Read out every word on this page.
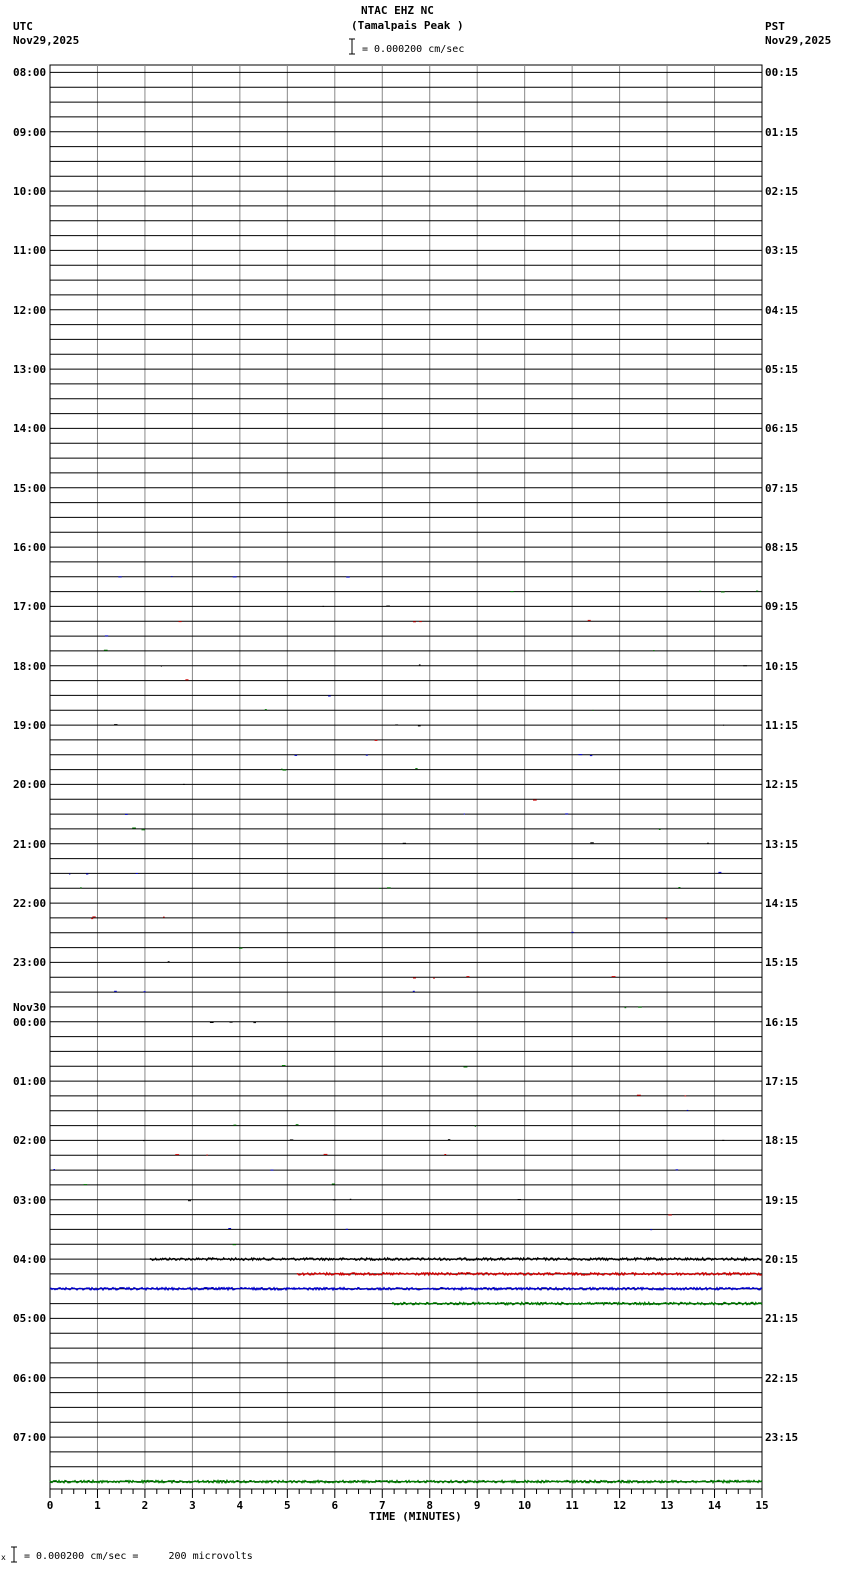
0	1	2	3	4	5	6	7	8	9	10	11	12	13	14	15
NTAC EHZ NC
(Tamalpais Peak )
= 0.000200 cm/sec
UTC
Nov29,2025
PST
Nov29,2025
08:00
09:00
10:00
11:00
12:00
13:00
14:00
15:00
16:00
17:00
18:00
19:00
20:00
21:00
22:00
23:00
Nov30
00:00
01:00
02:00
03:00
04:00
05:00
06:00
07:00
00:15
01:15
02:15
03:15
04:15
05:15
06:15
07:15
08:15
09:15
10:15
11:15
12:15
13:15
14:15
15:15
16:15
17:15
18:15
19:15
20:15
21:15
22:15
23:15
TIME (MINUTES)
x = 0.000200 cm/sec =     200 microvolts
